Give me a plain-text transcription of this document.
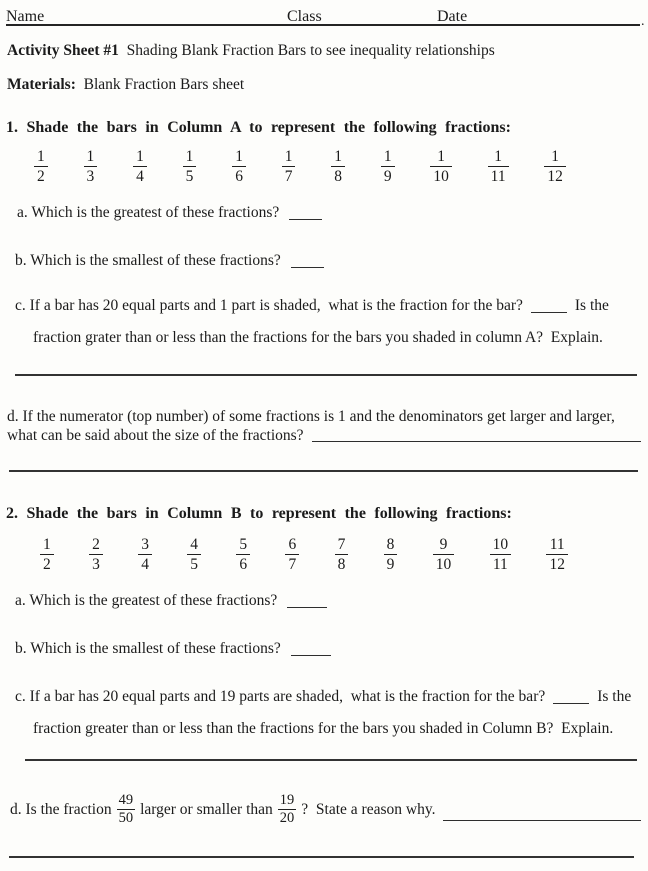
Name	Class	Date	.
Activity Sheet #1  Shading Blank Fraction Bars to see inequality relationships
Materials:  Blank Fraction Bars sheet
1. Shade the bars in Column A to represent the following fractions:
$\frac{1}{2} \frac{1}{3} \frac{1}{4} \frac{1}{5} \frac{1}{6} \frac{1}{7} \frac{1}{8} \frac{1}{9} \frac{1}{10} \frac{1}{11} \frac{1}{12}$
a. Which is the greatest of these fractions?
b. Which is the smallest of these fractions?
c. If a bar has 20 equal parts and 1 part is shaded,  what is the fraction for the bar?	Is the
fraction grater than or less than the fractions for the bars you shaded in column A?  Explain.
d. If the numerator (top number) of some fractions is 1 and the denominators get larger and larger,
what can be said about the size of the fractions?
2. Shade the bars in Column B to represent the following fractions:
$\frac{1}{2} \frac{2}{3} \frac{3}{4} \frac{4}{5} \frac{5}{6} \frac{6}{7} \frac{7}{8} \frac{8}{9} \frac{9}{10} \frac{10}{11} \frac{11}{12}$
a. Which is the greatest of these fractions?
b. Which is the smallest of these fractions?
c. If a bar has 20 equal parts and 19 parts are shaded,  what is the fraction for the bar?	Is the
fraction greater than or less than the fractions for the bars you shaded in Column B?  Explain.
d. Is the fraction $\frac{49}{50}$ larger or smaller than $\frac{19}{20}$ ?  State a reason why.
